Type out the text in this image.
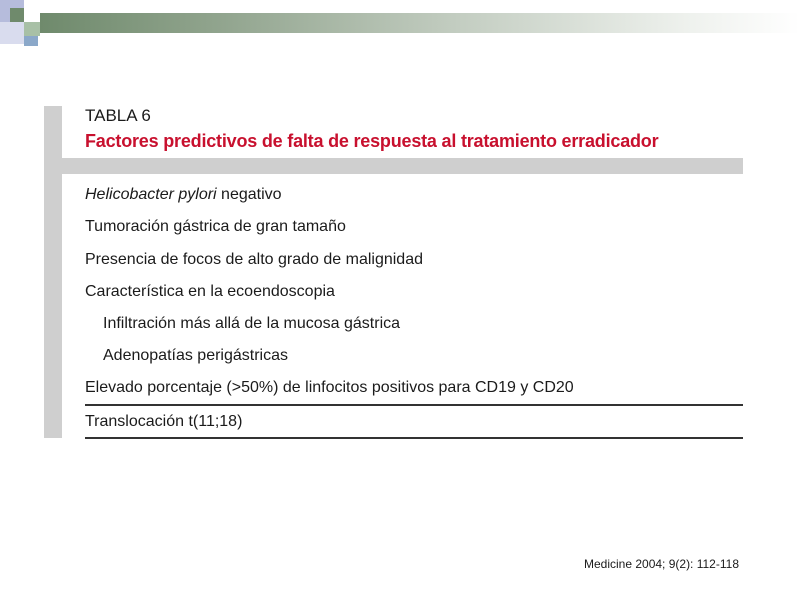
TABLA 6
Factores predictivos de falta de respuesta al tratamiento erradicador
Helicobacter pylori negativo
Tumoración gástrica de gran tamaño
Presencia de focos de alto grado de malignidad
Característica en la ecoendoscopia
Infiltración más allá de la mucosa gástrica
Adenopatías perigástricas
Elevado porcentaje (>50%) de linfocitos positivos para CD19 y CD20
Translocación t(11;18)
Medicine 2004; 9(2): 112-118
